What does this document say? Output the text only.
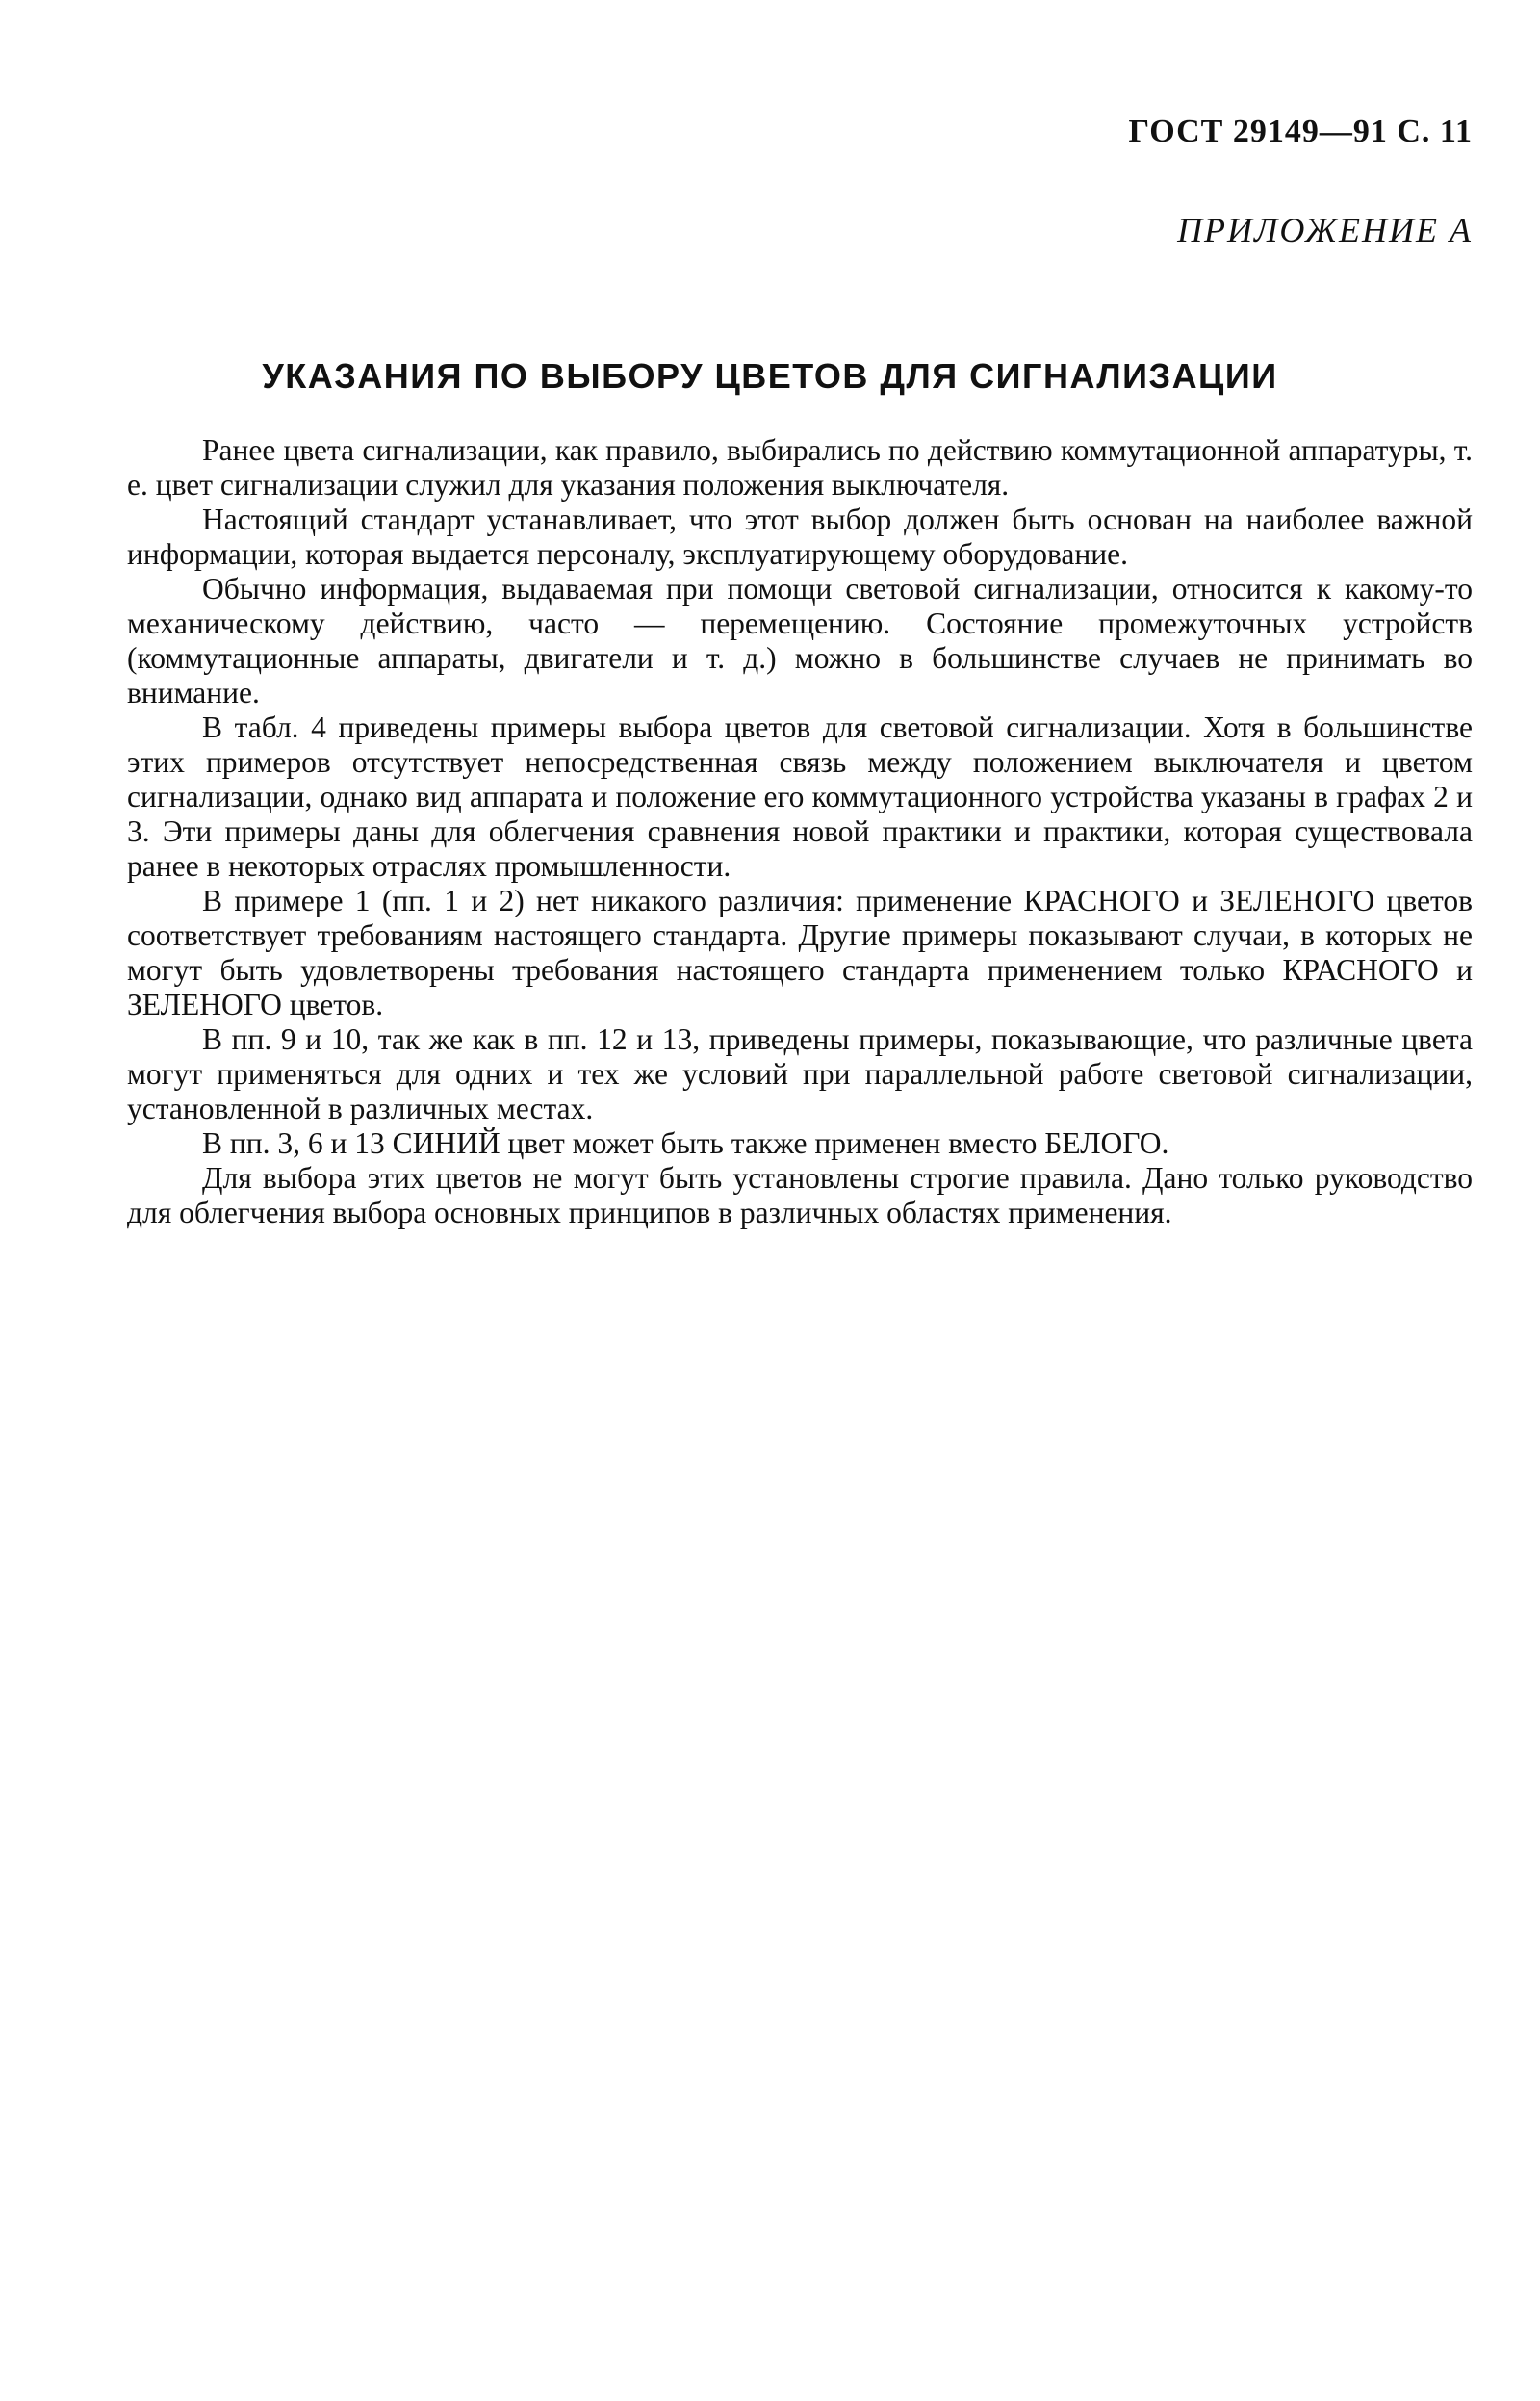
ГОСТ 29149—91 С. 11
ПРИЛОЖЕНИЕ А
УКАЗАНИЯ ПО ВЫБОРУ ЦВЕТОВ ДЛЯ СИГНАЛИЗАЦИИ

Ранее цвета сигнализации, как правило, выбирались по действию коммутационной аппаратуры, т. е. цвет сигнализации служил для указания положения выключателя.

Настоящий стандарт устанавливает, что этот выбор должен быть основан на наиболее важной информации, которая выдается персоналу, эксплуатирующему оборудование.

Обычно информация, выдаваемая при помощи световой сигнализации, относится к какому-то механическому действию, часто — перемещению. Состояние промежуточных устройств (коммутационные аппараты, двигатели и т. д.) можно в большинстве случаев не принимать во внимание.

В табл. 4 приведены примеры выбора цветов для световой сигнализации. Хотя в большинстве этих примеров отсутствует непосредственная связь между положением выключателя и цветом сигнализации, однако вид аппарата и положение его коммутационного устройства указаны в графах 2 и 3. Эти примеры даны для облегчения сравнения новой практики и практики, которая существовала ранее в некоторых отраслях промышленности.

В примере 1 (пп. 1 и 2) нет никакого различия: применение КРАСНОГО и ЗЕЛЕНОГО цветов соответствует требованиям настоящего стандарта. Другие примеры показывают случаи, в которых не могут быть удовлетворены требования настоящего стандарта применением только КРАСНОГО и ЗЕЛЕНОГО цветов.

В пп. 9 и 10, так же как в пп. 12 и 13, приведены примеры, показывающие, что различные цвета могут применяться для одних и тех же условий при параллельной работе световой сигнализации, установленной в различных местах.

В пп. 3, 6 и 13 СИНИЙ цвет может быть также применен вместо БЕЛОГО.

Для выбора этих цветов не могут быть установлены строгие правила. Дано только руководство для облегчения выбора основных принципов в различных областях применения.
